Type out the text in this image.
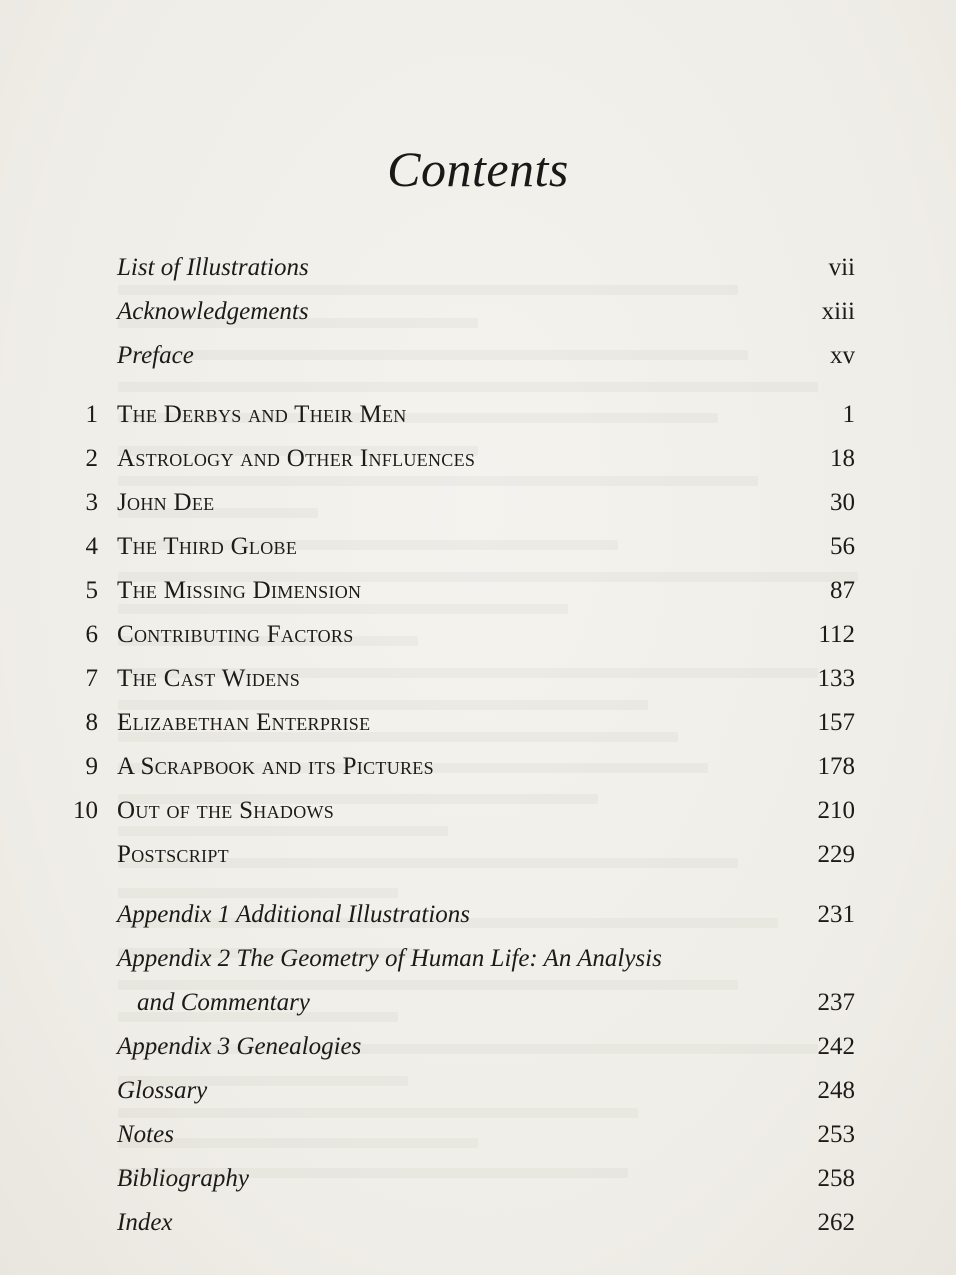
Contents
List of Illustrations	vii
Acknowledgements	xiii
Preface	xv
1 The Derbys and Their Men	1
2 Astrology and Other Influences	18
3 John Dee	30
4 The Third Globe	56
5 The Missing Dimension	87
6 Contributing Factors	112
7 The Cast Widens	133
8 Elizabethan Enterprise	157
9 A Scrapbook and its Pictures	178
10 Out of the Shadows	210
Postscript	229
Appendix 1 Additional Illustrations	231
Appendix 2 The Geometry of Human Life: An Analysis
and Commentary	237
Appendix 3 Genealogies	242
Glossary	248
Notes	253
Bibliography	258
Index	262
